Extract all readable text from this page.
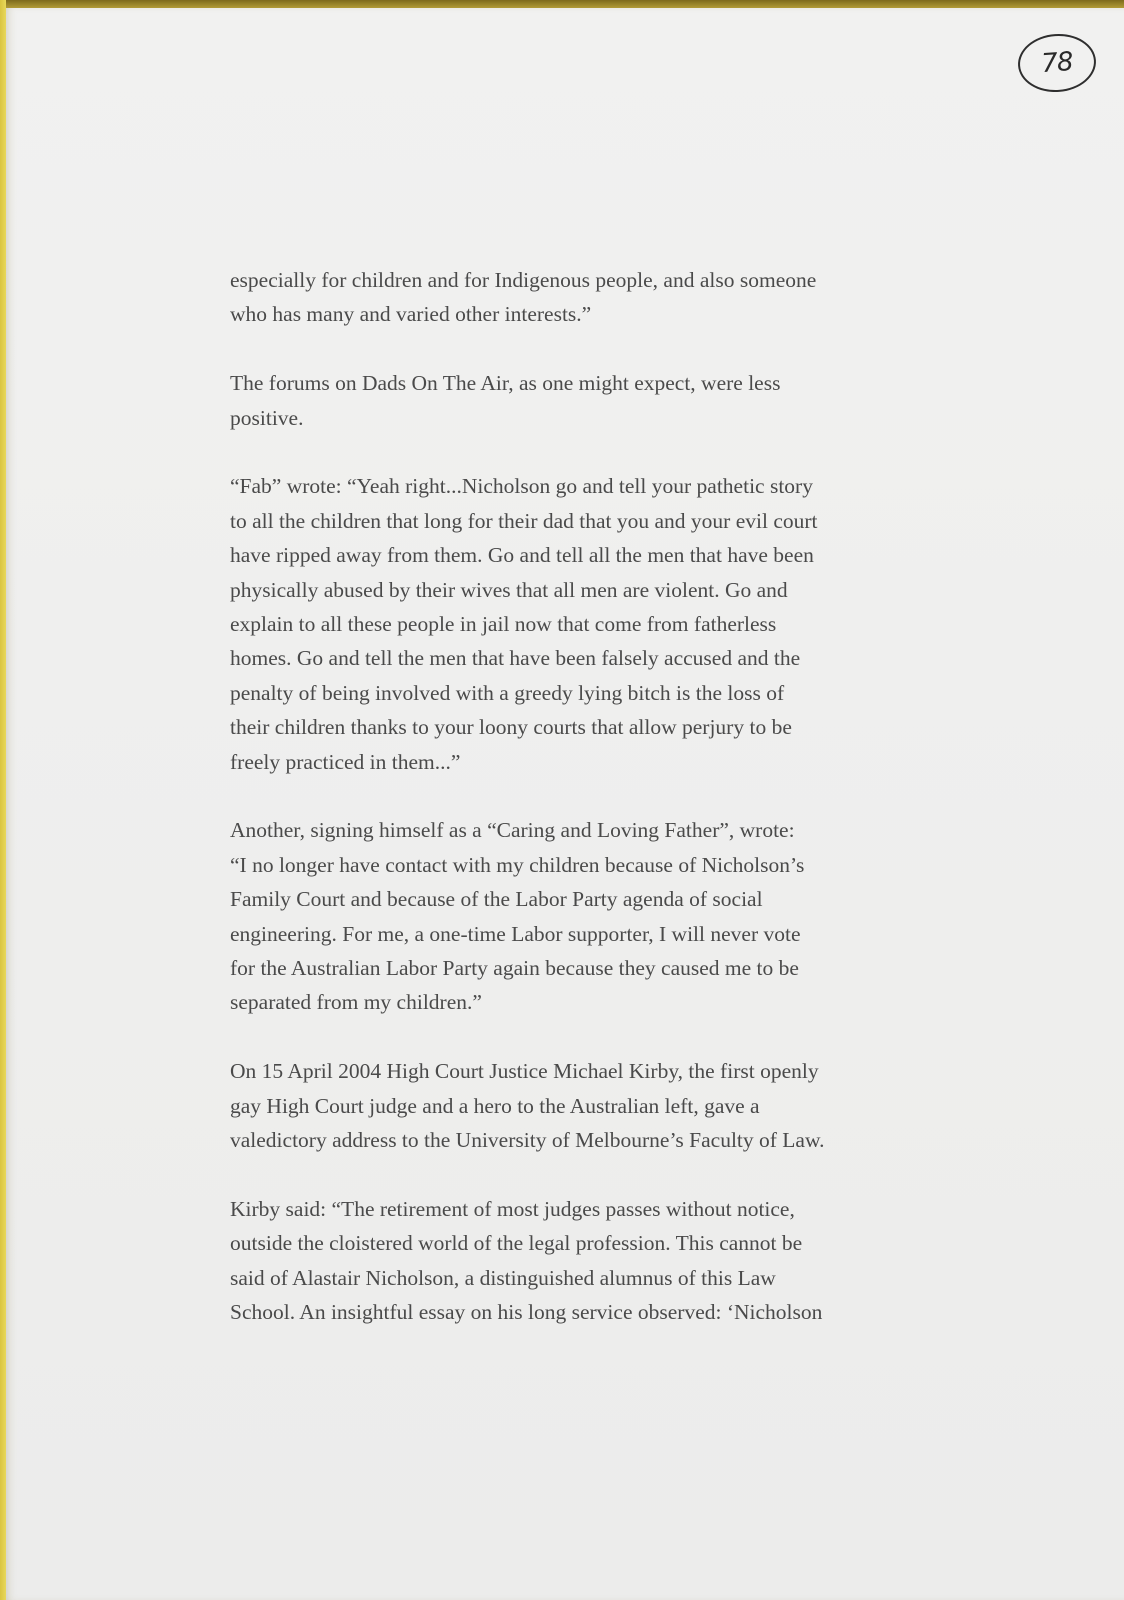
78

especially for children and for Indigenous people, and also someone
who has many and varied other interests.”

The forums on Dads On The Air, as one might expect, were less
positive.

“Fab” wrote: “Yeah right...Nicholson go and tell your pathetic story
to all the children that long for their dad that you and your evil court
have ripped away from them. Go and tell all the men that have been
physically abused by their wives that all men are violent. Go and
explain to all these people in jail now that come from fatherless
homes. Go and tell the men that have been falsely accused and the
penalty of being involved with a greedy lying bitch is the loss of
their children thanks to your loony courts that allow perjury to be
freely practiced in them...”

Another, signing himself as a “Caring and Loving Father”, wrote:
“I no longer have contact with my children because of Nicholson’s
Family Court and because of the Labor Party agenda of social
engineering. For me, a one-time Labor supporter, I will never vote
for the Australian Labor Party again because they caused me to be
separated from my children.”

On 15 April 2004 High Court Justice Michael Kirby, the first openly
gay High Court judge and a hero to the Australian left, gave a
valedictory address to the University of Melbourne’s Faculty of Law.

Kirby said: “The retirement of most judges passes without notice,
outside the cloistered world of the legal profession. This cannot be
said of Alastair Nicholson, a distinguished alumnus of this Law
School. An insightful essay on his long service observed: ‘Nicholson
